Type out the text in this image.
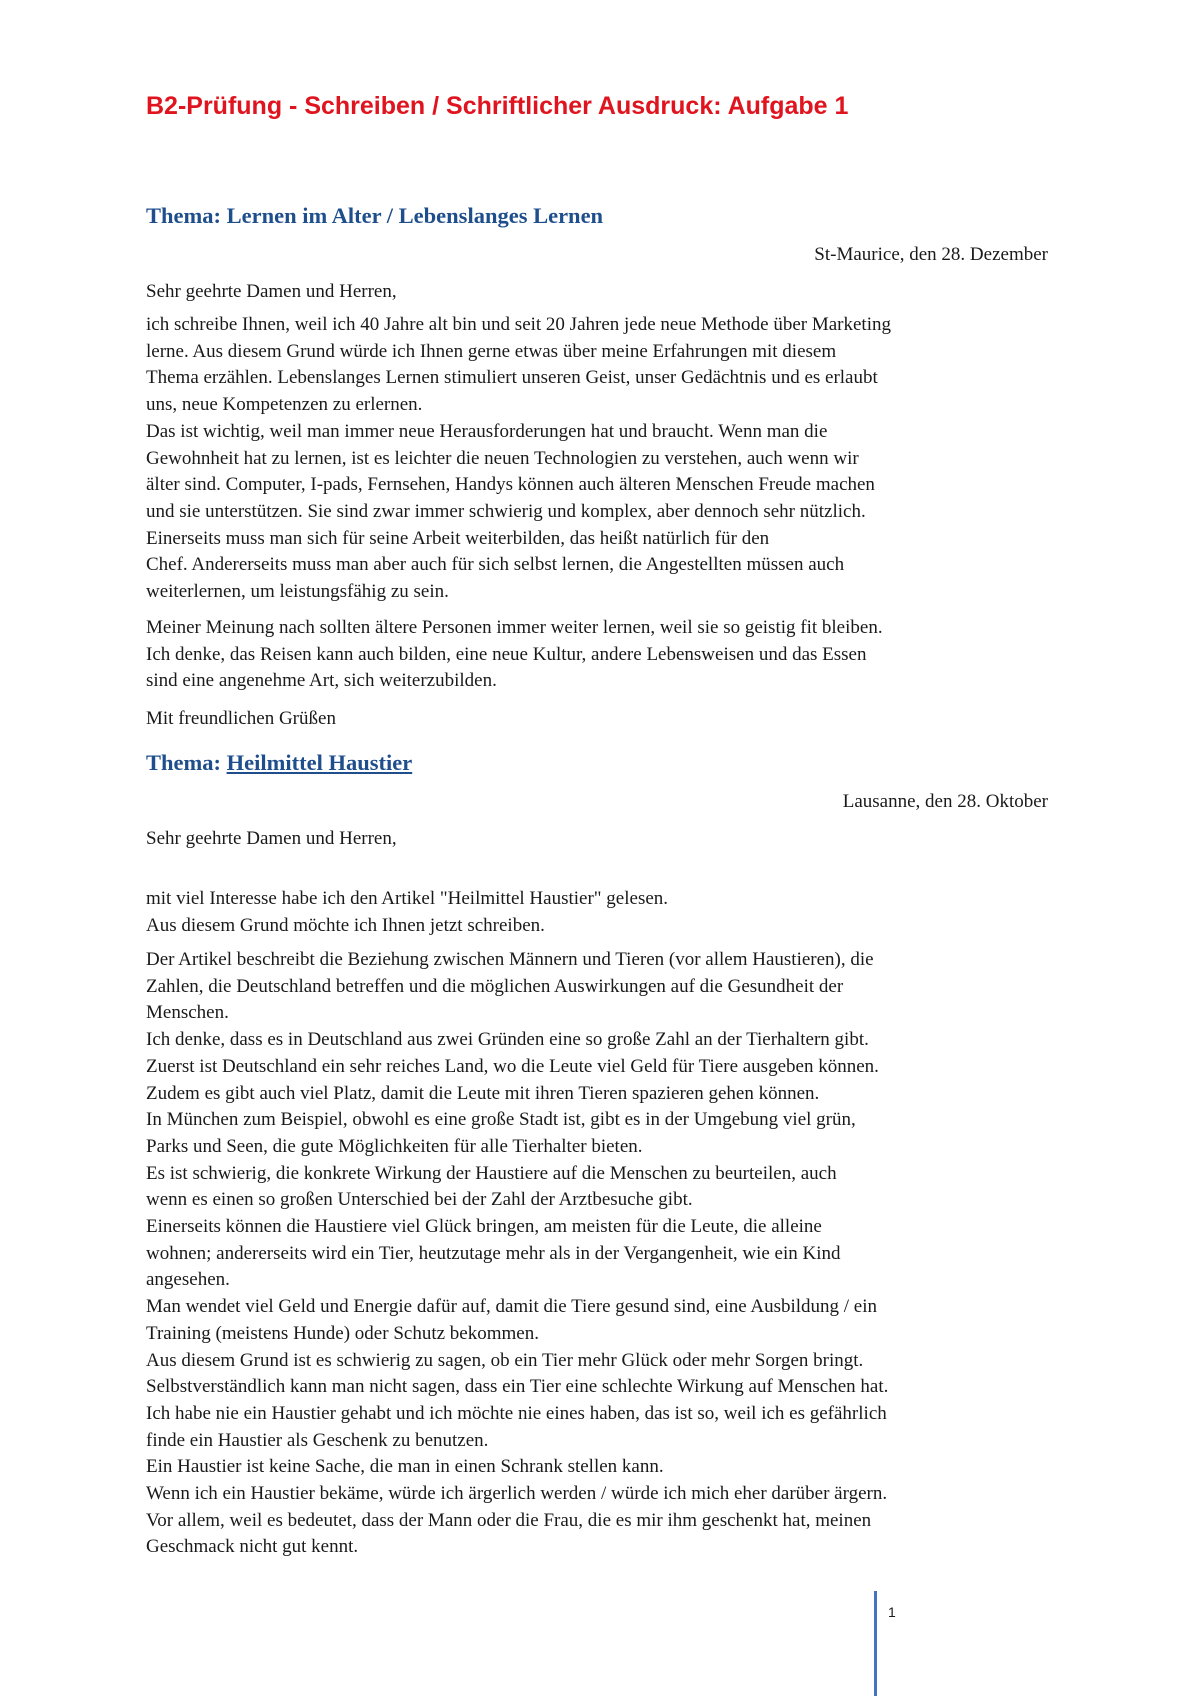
B2-Prüfung - Schreiben / Schriftlicher Ausdruck: Aufgabe 1
Thema: Lernen im Alter / Lebenslanges Lernen

St-Maurice, den 28. Dezember

Sehr geehrte Damen und Herren,

ich schreibe Ihnen, weil ich 40 Jahre alt bin und seit 20 Jahren jede neue Methode über Marketing
lerne. Aus diesem Grund würde ich Ihnen gerne etwas über meine Erfahrungen mit diesem
Thema erzählen. Lebenslanges Lernen stimuliert unseren Geist, unser Gedächtnis und es erlaubt
uns, neue Kompetenzen zu erlernen.
Das ist wichtig, weil man immer neue Herausforderungen hat und braucht. Wenn man die
Gewohnheit hat zu lernen, ist es leichter die neuen Technologien zu verstehen, auch wenn wir
älter sind. Computer, I-pads, Fernsehen, Handys können auch älteren Menschen Freude machen
und sie unterstützen. Sie sind zwar immer schwierig und komplex, aber dennoch sehr nützlich.
Einerseits muss man sich für seine Arbeit weiterbilden, das heißt natürlich für den
Chef. Andererseits muss man aber auch für sich selbst lernen, die Angestellten müssen auch
weiterlernen, um leistungsfähig zu sein.
Meiner Meinung nach sollten ältere Personen immer weiter lernen, weil sie so geistig fit bleiben.
Ich denke, das Reisen kann auch bilden, eine neue Kultur, andere Lebensweisen und das Essen
sind eine angenehme Art, sich weiterzubilden.

Mit freundlichen Grüßen

Thema: Heilmittel Haustier

Lausanne, den 28. Oktober

Sehr geehrte Damen und Herren,

mit viel Interesse habe ich den Artikel "Heilmittel Haustier" gelesen.
Aus diesem Grund möchte ich Ihnen jetzt schreiben.
Der Artikel beschreibt die Beziehung zwischen Männern und Tieren (vor allem Haustieren), die
Zahlen, die Deutschland betreffen und die möglichen Auswirkungen auf die Gesundheit der
Menschen.
Ich denke, dass es in Deutschland aus zwei Gründen eine so große Zahl an der Tierhaltern gibt.
Zuerst ist Deutschland ein sehr reiches Land, wo die Leute viel Geld für Tiere ausgeben können.
Zudem es gibt auch viel Platz, damit die Leute mit ihren Tieren spazieren gehen können.
In München zum Beispiel, obwohl es eine große Stadt ist, gibt es in der Umgebung viel grün,
Parks und Seen, die gute Möglichkeiten für alle Tierhalter bieten.
Es ist schwierig, die konkrete Wirkung der Haustiere auf die Menschen zu beurteilen, auch
wenn es einen so großen Unterschied bei der Zahl der Arztbesuche gibt.
Einerseits können die Haustiere viel Glück bringen, am meisten für die Leute, die alleine
wohnen; andererseits wird ein Tier, heutzutage mehr als in der Vergangenheit, wie ein Kind
angesehen.
Man wendet viel Geld und Energie dafür auf, damit die Tiere gesund sind, eine Ausbildung / ein
Training (meistens Hunde) oder Schutz bekommen.
Aus diesem Grund ist es schwierig zu sagen, ob ein Tier mehr Glück oder mehr Sorgen bringt.
Selbstverständlich kann man nicht sagen, dass ein Tier eine schlechte Wirkung auf Menschen hat.
Ich habe nie ein Haustier gehabt und ich möchte nie eines haben, das ist so, weil ich es gefährlich
finde ein Haustier als Geschenk zu benutzen.
Ein Haustier ist keine Sache, die man in einen Schrank stellen kann.
Wenn ich ein Haustier bekäme, würde ich ärgerlich werden / würde ich mich eher darüber ärgern.
Vor allem, weil es bedeutet, dass der Mann oder die Frau, die es mir ihm geschenkt hat, meinen
Geschmack nicht gut kennt.

1
